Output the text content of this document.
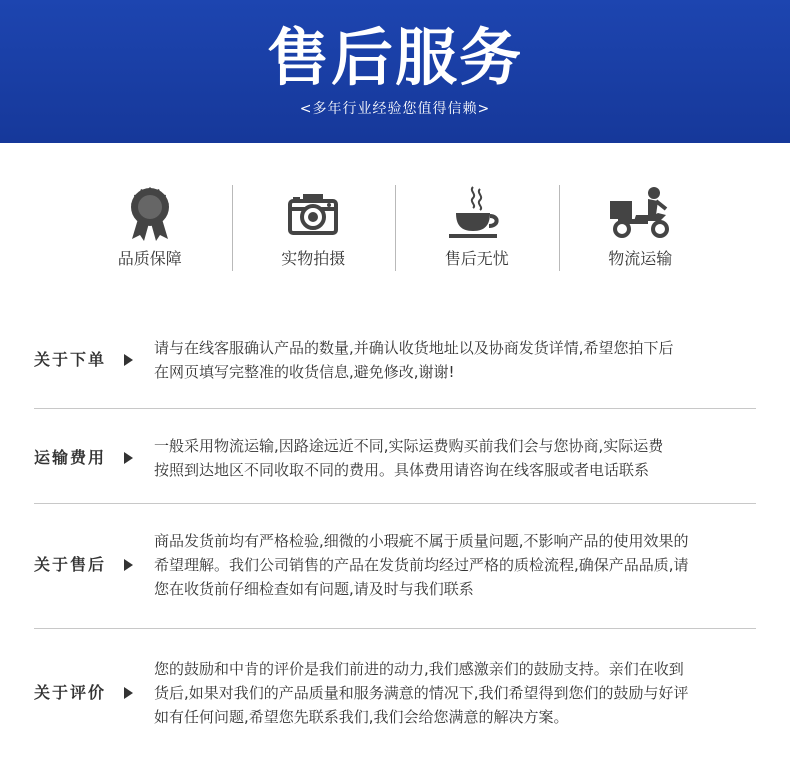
售后服务
<多年行业经验您值得信赖>
品质保障	实物拍摄	售后无忧	物流运输
关于下单
请与在线客服确认产品的数量,并确认收货地址以及协商发货详情,希望您拍下后
在网页填写完整准的收货信息,避免修改,谢谢!
运输费用
一般采用物流运输,因路途远近不同,实际运费购买前我们会与您协商,实际运费
按照到达地区不同收取不同的费用。具体费用请咨询在线客服或者电话联系
关于售后
商品发货前均有严格检验,细微的小瑕疵不属于质量问题,不影响产品的使用效果的
希望理解。我们公司销售的产品在发货前均经过严格的质检流程,确保产品品质,请
您在收货前仔细检查如有问题,请及时与我们联系
关于评价
您的鼓励和中肯的评价是我们前进的动力,我们感激亲们的鼓励支持。亲们在收到
货后,如果对我们的产品质量和服务满意的情况下,我们希望得到您们的鼓励与好评
如有任何问题,希望您先联系我们,我们会给您满意的解决方案。
